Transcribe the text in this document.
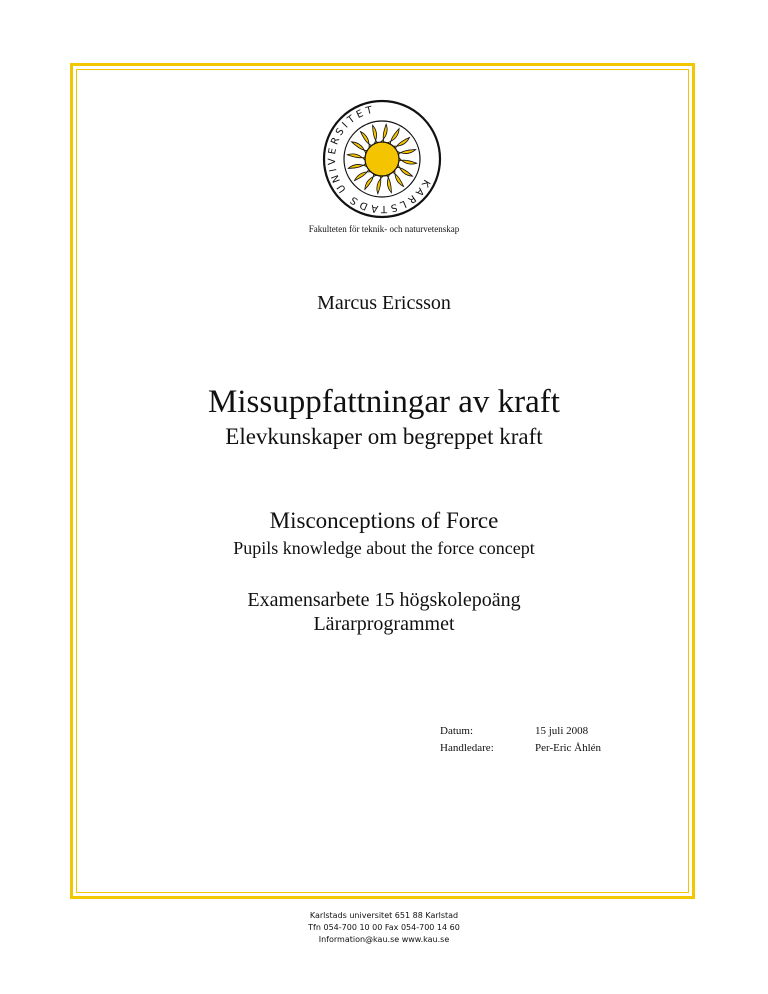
KARLSTADS UNIVERSITET
Fakulteten för teknik- och naturvetenskap
Marcus Ericsson
Missuppfattningar av kraft
Elevkunskaper om begreppet kraft
Misconceptions of Force
Pupils knowledge about the force concept
Examensarbete 15 högskolepoäng
Lärarprogrammet
Datum:
Handledare:
15 juli 2008
Per-Eric Åhlén
Karlstads universitet 651 88 Karlstad
Tfn 054-700 10 00 Fax 054-700 14 60
Information@kau.se www.kau.se
